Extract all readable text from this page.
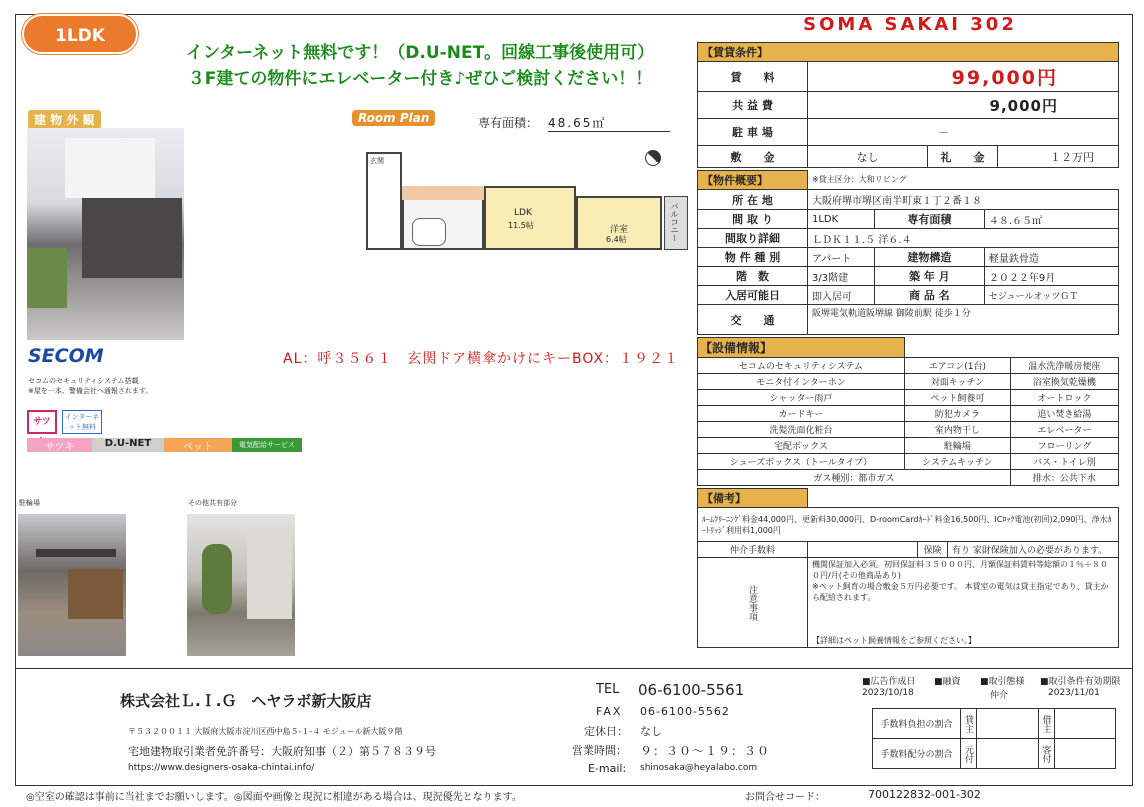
1LDK
インターネット無料です！（D.U-NET。回線工事後使用可）
３F建ての物件にエレベーター付き♪ぜひご検討ください！！
SOMA SAKAI 302
建 物 外 観
SECOM
セコムのセキュリティシステム搭載
※屋を一本、警備会社へ通報されます。
サツ	インターネット無料
サツキ	D.U-NET	ペット	電気配給サービス
駐輪場	その他共有部分
Room Plan	専有面積： 48.65㎡
玄関
LDK
11.5帖	洋室
6.4帖	バルコニー
AL：呼３５６１　玄関ドア横傘かけにキーBOX：１９２１
【賃貸条件】			
賃　　料	99,000円		
共 益 費	9,000円		
駐 車 場	－		
敷　　金	なし	礼　　金	１２万円
【物件概要】	※貸主区分：大和リビング		
所 在 地	大阪府堺市堺区南半町東１丁２番１８		
間 取 り	1LDK	専有面積	４８.６５㎡
間取り詳細	ＬＤＫ１１.５ 洋６.４		
物 件 種 別	アパート	建物構造	軽量鉄骨造
階　数	3/3階建	築 年 月	２０２２年9月
入居可能日	即入居可	商 品 名	セジュールオッツＧＴ
交　　通	阪堺電気軌道阪堺線 御陵前駅 徒歩１分		
【設備情報】		
セコムのセキュリティシステム	エアコン(1台)	温水洗浄暖房便座
モニタ付インターホン	対面キッチン	浴室換気乾燥機
シャッター雨戸	ペット飼養可	オートロック
カードキー	防犯カメラ	追い焚き給湯
洗髪洗面化粧台	室内物干し	エレベーター
宅配ボックス	駐輪場	フローリング
シューズボックス（トールタイプ）	システムキッチン	バス・トイレ別
ガス種別：都市ガス		排水：公共下水
【備考】			
ﾙｰﾑｸﾘｰﾆﾝｸﾞ料金44,000円、更新料30,000円、D-roomCardｶｰﾄﾞ料金16,500円、ICﾛｯｸ電池(初回)2,090円、浄水ｶｰﾄﾘｯｼﾞ利用料1,000円			
仲介手数料		保険	有り 家財保険加入の必要があります。
注意事項	機関保証加入必須。初回保証料３５０００円、月額保証料賃料等総額の１％＋８００円/月(その他商品あり)
※ペット飼育の場合敷金５万円必要です。 本賃室の電気は貸主指定であり、貸主から配給されます。
【詳細はペット飼養情報をご参照ください。】		
株式会社Ｌ.Ｉ.Ｇ　ヘヤラボ新大阪店
〒５３２００１１ 大阪府大阪市淀川区西中島５-１-４ モジュール新大阪９階
宅地建物取引業者免許番号：大阪府知事（２）第５７８３９号
https://www.designers-osaka-chintai.info/
TEL 06-6100-5561
FAX 06-6100-5562
定休日： なし
営業時間： ９：３０～１９：３０
E-mail: shinosaka@heyalabo.com
■広告作成日
2023/10/18
■融資 ■取引態様
仲介
■取引条件有効期限
2023/11/01
手数料負担の割合	貸主		借主	
手数料配分の割合	元付		客付	
◎空室の確認は事前に当社までお願いします。◎図面や画像と現況に相違がある場合は、現況優先となります。	お問合せコード：	700122832-001-302
